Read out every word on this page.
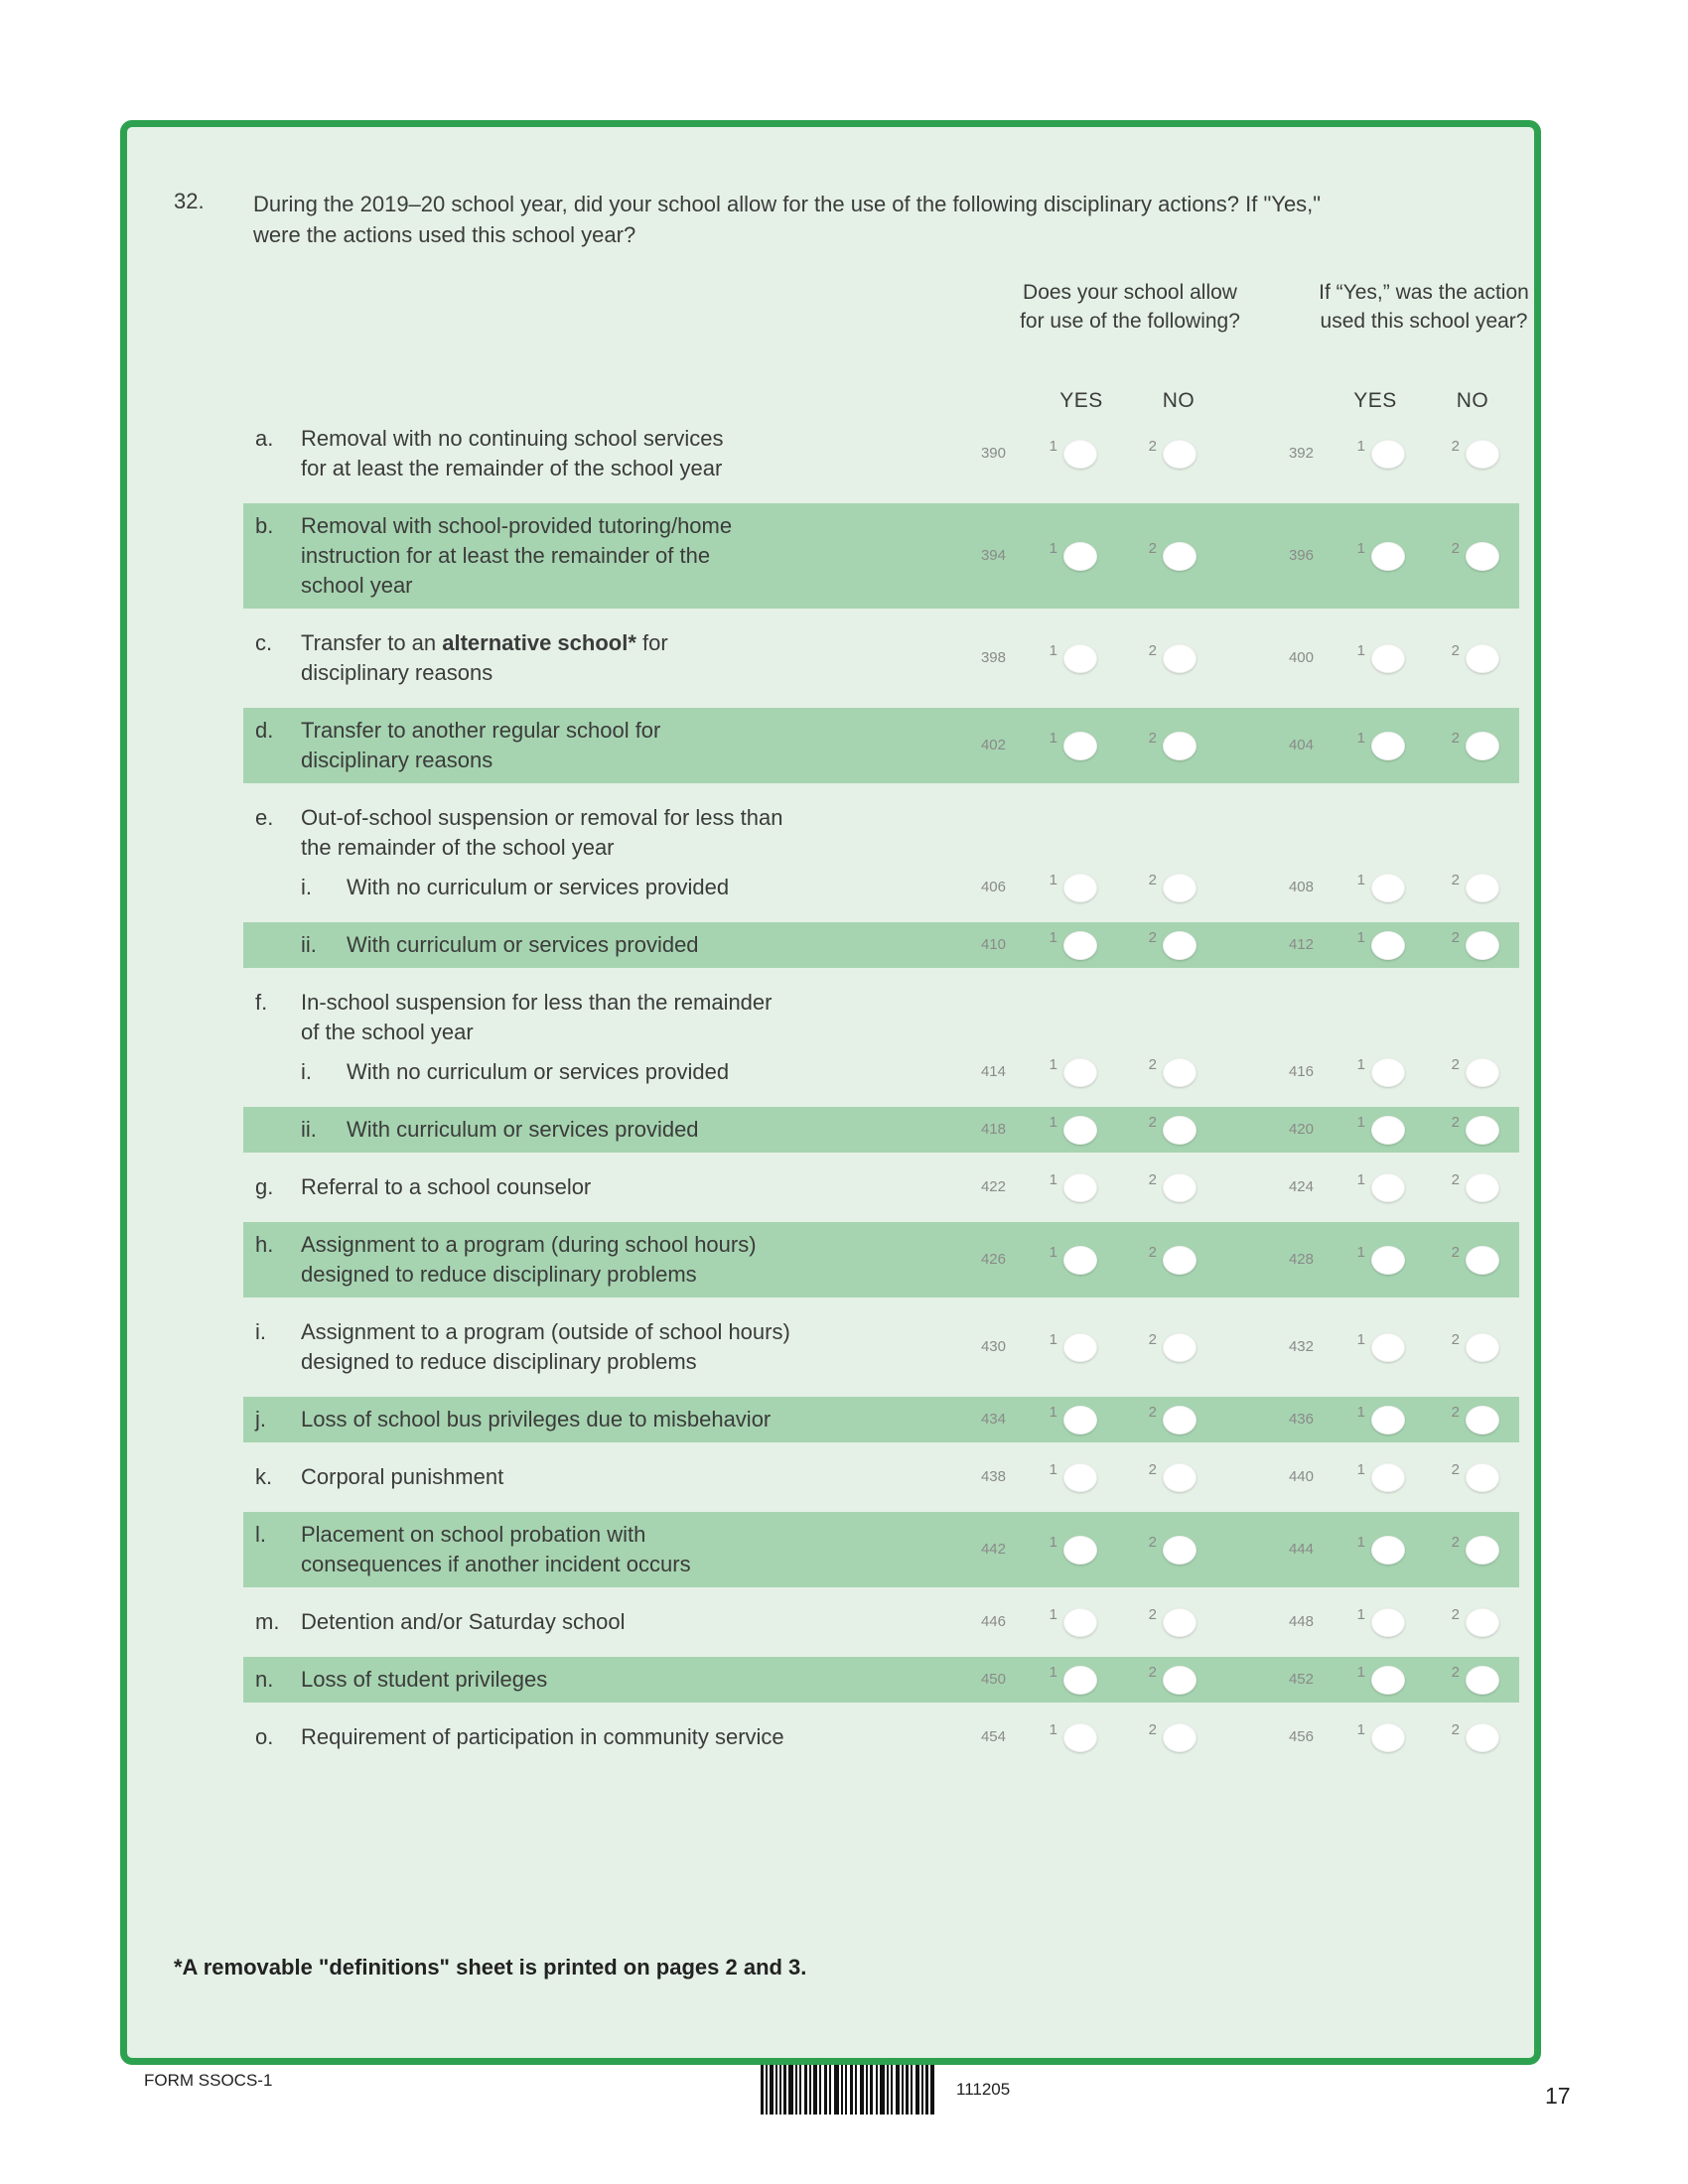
32. During the 2019–20 school year, did your school allow for the use of the following disciplinary actions? If "Yes," were the actions used this school year?
Does your school allow for use of the following?
If “Yes,” was the action used this school year?
YES	NO	YES	NO
a.	Removal with no continuing school services
for at least the remainder of the school year
390	1	2	392	1	2
b.	Removal with school-provided tutoring/home
instruction for at least the remainder of the
school year
394	1	2	396	1	2
c.	Transfer to an alternative school* for
disciplinary reasons
398	1	2	400	1	2
d.	Transfer to another regular school for
disciplinary reasons
402	1	2	404	1	2
e.	Out-of-school suspension or removal for less than
the remainder of the school year
i. With no curriculum or services provided	406	1	2	408	1	2
ii. With curriculum or services provided	410	1	2	412	1	2
f.	In-school suspension for less than the remainder
of the school year
i. With no curriculum or services provided	414	1	2	416	1	2
ii. With curriculum or services provided	418	1	2	420	1	2
g.	Referral to a school counselor	422	1	2	424	1	2
h.	Assignment to a program (during school hours)
designed to reduce disciplinary problems
426	1	2	428	1	2
i.	Assignment to a program (outside of school hours)
designed to reduce disciplinary problems
430	1	2	432	1	2
j.	Loss of school bus privileges due to misbehavior	434	1	2	436	1	2
k.	Corporal punishment	438	1	2	440	1	2
l.	Placement on school probation with
consequences if another incident occurs
442	1	2	444	1	2
m. Detention and/or Saturday school	446	1	2	448	1	2
n.	Loss of student privileges	450	1	2	452	1	2
o.	Requirement of participation in community service	454	1	2	456	1	2
*A removable "definitions" sheet is printed on pages 2 and 3.
FORM SSOCS-1	111205	17
